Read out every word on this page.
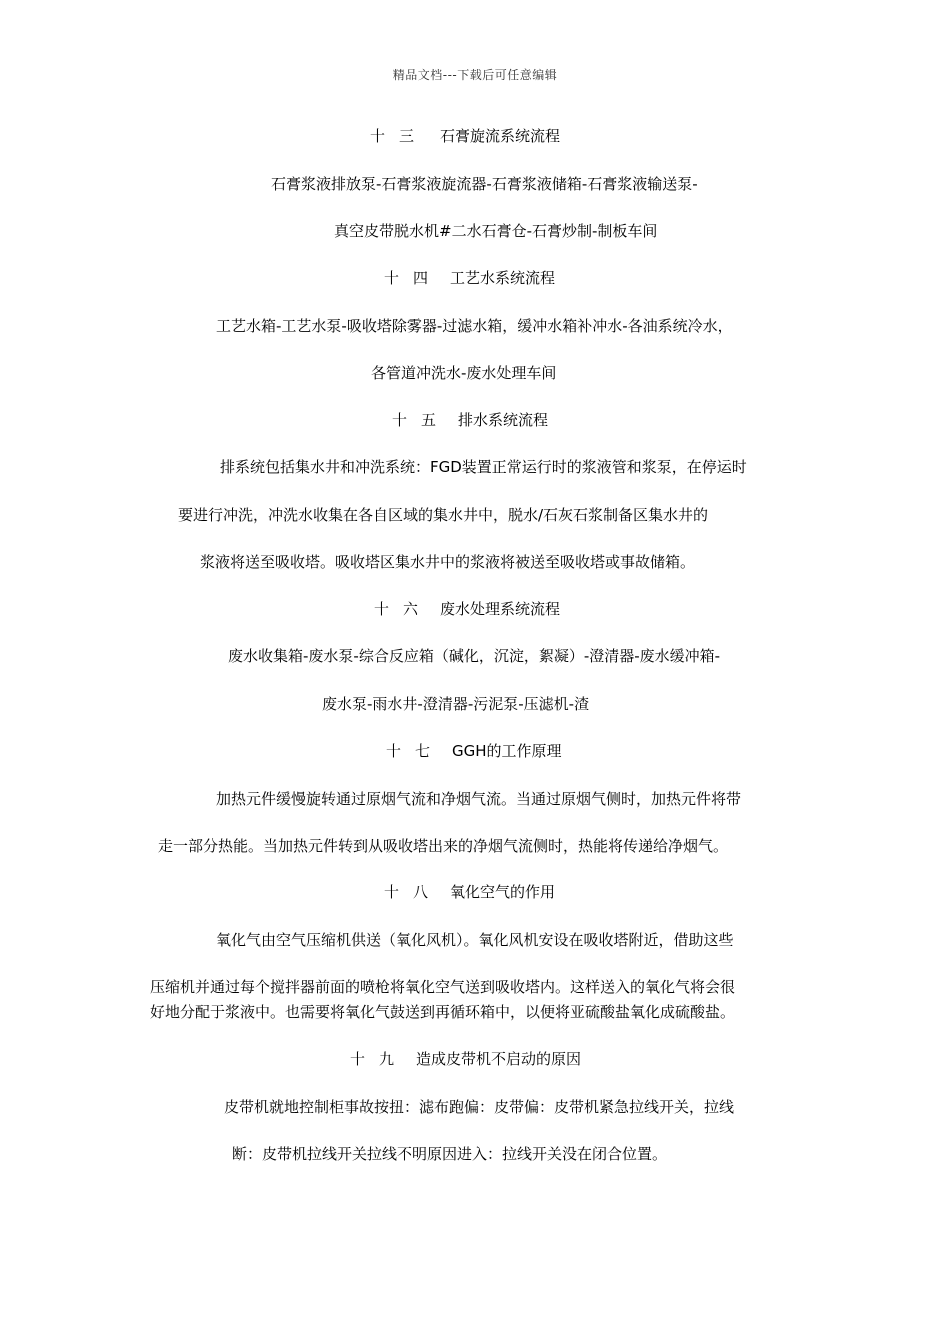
精品文档---下载后可任意编辑
十 三 石膏旋流系统流程
石膏浆液排放泵-石膏浆液旋流器-石膏浆液储箱-石膏浆液输送泵-
真空皮带脱水机#二水石膏仓-石膏炒制-制板车间
十 四 工艺水系统流程
工艺水箱-工艺水泵-吸收塔除雾器-过滤水箱，缓冲水箱补冲水-各油系统冷水，
各管道冲洗水-废水处理车间
十 五 排水系统流程
排系统包括集水井和冲洗系统：FGD装置正常运行时的浆液管和浆泵，在停运时
要进行冲洗，冲洗水收集在各自区域的集水井中，脱水/石灰石浆制备区集水井的
浆液将送至吸收塔。吸收塔区集水井中的浆液将被送至吸收塔或事故储箱。
十 六 废水处理系统流程
废水收集箱-废水泵-综合反应箱（碱化，沉淀，絮凝）-澄清器-废水缓冲箱-
废水泵-雨水井-澄清器-污泥泵-压滤机-渣
十 七 GGH的工作原理
加热元件缓慢旋转通过原烟气流和净烟气流。当通过原烟气侧时，加热元件将带
走一部分热能。当加热元件转到从吸收塔出来的净烟气流侧时，热能将传递给净烟气。
十 八 氧化空气的作用
氧化气由空气压缩机供送（氧化风机）。氧化风机安设在吸收塔附近，借助这些
压缩机并通过每个搅拌器前面的喷枪将氧化空气送到吸收塔内。这样送入的氧化气将会很
好地分配于浆液中。也需要将氧化气鼓送到再循环箱中，以便将亚硫酸盐氧化成硫酸盐。
十 九 造成皮带机不启动的原因
皮带机就地控制柜事故按扭：滤布跑偏：皮带偏：皮带机紧急拉线开关，拉线
断：皮带机拉线开关拉线不明原因进入：拉线开关没在闭合位置。
